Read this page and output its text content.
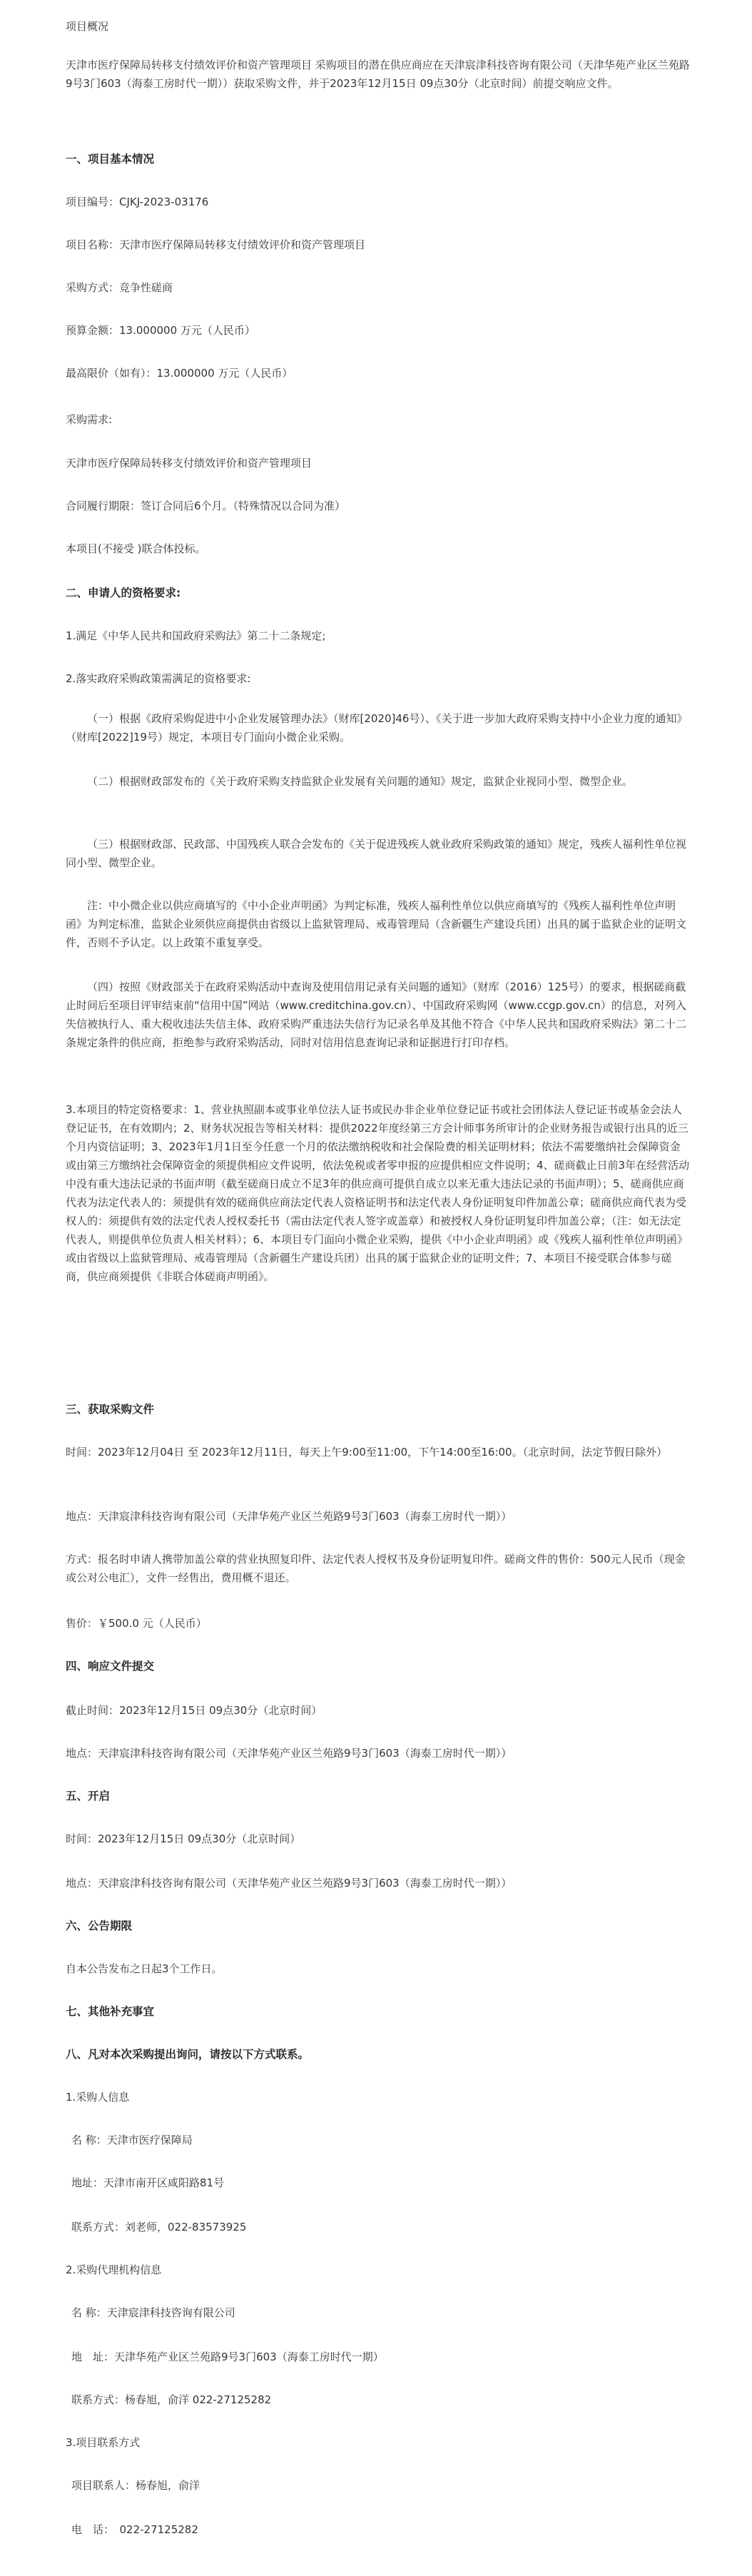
项目概况

天津市医疗保障局转移支付绩效评价和资产管理项目 采购项目的潜在供应商应在天津宸津科技咨询有限公司（天津华苑产业区兰苑路9号3门603（海泰工房时代一期））获取采购文件，并于2023年12月15日 09点30分（北京时间）前提交响应文件。

一、项目基本情况

项目编号：CJKJ-2023-03176

项目名称：天津市医疗保障局转移支付绩效评价和资产管理项目

采购方式：竞争性磋商

预算金额：13.000000 万元（人民币）

最高限价（如有）：13.000000 万元（人民币）

采购需求:

天津市医疗保障局转移支付绩效评价和资产管理项目

合同履行期限：签订合同后6个月。（特殊情况以合同为准）

本项目(不接受 )联合体投标。

二、申请人的资格要求:

1.满足《中华人民共和国政府采购法》第二十二条规定;

2.落实政府采购政策需满足的资格要求:

（一）根据《政府采购促进中小企业发展管理办法》（财库[2020]46号）、《关于进一步加大政府采购支持中小企业力度的通知》（财库[2022]19号）规定，本项目专门面向小微企业采购。

（二）根据财政部发布的《关于政府采购支持监狱企业发展有关问题的通知》规定，监狱企业视同小型、微型企业。

（三）根据财政部、民政部、中国残疾人联合会发布的《关于促进残疾人就业政府采购政策的通知》规定，残疾人福利性单位视同小型、微型企业。

注：中小微企业以供应商填写的《中小企业声明函》为判定标准，残疾人福利性单位以供应商填写的《残疾人福利性单位声明函》为判定标准，监狱企业须供应商提供由省级以上监狱管理局、戒毒管理局（含新疆生产建设兵团）出具的属于监狱企业的证明文件，否则不予认定。以上政策不重复享受。

（四）按照《财政部关于在政府采购活动中查询及使用信用记录有关问题的通知》（财库（2016）125号）的要求，根据磋商截止时间后至项目评审结束前“信用中国”网站（www.creditchina.gov.cn）、中国政府采购网（www.ccgp.gov.cn）的信息，对列入失信被执行人、重大税收违法失信主体、政府采购严重违法失信行为记录名单及其他不符合《中华人民共和国政府采购法》第二十二条规定条件的供应商，拒绝参与政府采购活动，同时对信用信息查询记录和证据进行打印存档。

3.本项目的特定资格要求：1、营业执照副本或事业单位法人证书或民办非企业单位登记证书或社会团体法人登记证书或基金会法人登记证书，在有效期内；2、财务状况报告等相关材料：提供2022年度经第三方会计师事务所审计的企业财务报告或银行出具的近三个月内资信证明；3、2023年1月1日至今任意一个月的依法缴纳税收和社会保险费的相关证明材料；依法不需要缴纳社会保障资金或由第三方缴纳社会保障资金的须提供相应文件说明，依法免税或者零申报的应提供相应文件说明；4、磋商截止日前3年在经营活动中没有重大违法记录的书面声明（截至磋商日成立不足3年的供应商可提供自成立以来无重大违法记录的书面声明）；5、磋商供应商代表为法定代表人的：须提供有效的磋商供应商法定代表人资格证明书和法定代表人身份证明复印件加盖公章；磋商供应商代表为受权人的：须提供有效的法定代表人授权委托书（需由法定代表人签字或盖章）和被授权人身份证明复印件加盖公章；（注：如无法定代表人，则提供单位负责人相关材料）；6、本项目专门面向小微企业采购，提供《中小企业声明函》或《残疾人福利性单位声明函》或由省级以上监狱管理局、戒毒管理局（含新疆生产建设兵团）出具的属于监狱企业的证明文件；7、本项目不接受联合体参与磋商，供应商须提供《非联合体磋商声明函》。

三、获取采购文件

时间：2023年12月04日 至 2023年12月11日，每天上午9:00至11:00，下午14:00至16:00。（北京时间，法定节假日除外）

地点：天津宸津科技咨询有限公司（天津华苑产业区兰苑路9号3门603（海泰工房时代一期））

方式：报名时申请人携带加盖公章的营业执照复印件、法定代表人授权书及身份证明复印件。磋商文件的售价：500元人民币（现金或公对公电汇），文件一经售出，费用概不退还。

售价：￥500.0 元（人民币）

四、响应文件提交

截止时间：2023年12月15日 09点30分（北京时间）

地点：天津宸津科技咨询有限公司（天津华苑产业区兰苑路9号3门603（海泰工房时代一期））

五、开启

时间：2023年12月15日 09点30分（北京时间）

地点：天津宸津科技咨询有限公司（天津华苑产业区兰苑路9号3门603（海泰工房时代一期））

六、公告期限

自本公告发布之日起3个工作日。

七、其他补充事宜

八、凡对本次采购提出询问，请按以下方式联系。

1.采购人信息

名 称：天津市医疗保障局

地址：天津市南开区咸阳路81号

联系方式：刘老师，022-83573925

2.采购代理机构信息

名 称：天津宸津科技咨询有限公司

地　址：天津华苑产业区兰苑路9号3门603（海泰工房时代一期）

联系方式：杨春旭，俞洋 022-27125282

3.项目联系方式

项目联系人：杨春旭，俞洋

电　话：　022-27125282
